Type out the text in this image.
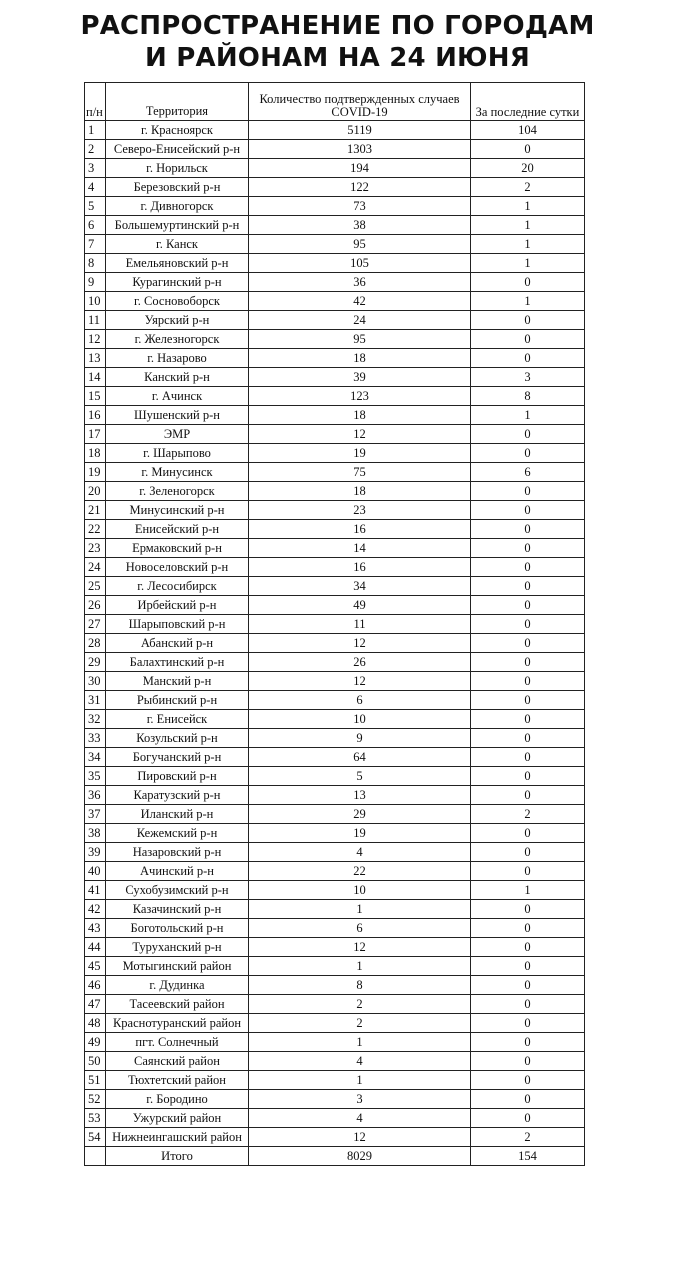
РАСПРОСТРАНЕНИЕ ПО ГОРОДАМ
И РАЙОНАМ НА 24 ИЮНЯ
п/н	Территория	Количество подтвержденных случаев COVID-19	За последние сутки
1	г. Красноярск	5119	104
2	Северо-Енисейский р-н	1303	0
3	г. Норильск	194	20
4	Березовский р-н	122	2
5	г. Дивногорск	73	1
6	Большемуртинский р-н	38	1
7	г. Канск	95	1
8	Емельяновский р-н	105	1
9	Курагинский р-н	36	0
10	г. Сосновоборск	42	1
11	Уярский р-н	24	0
12	г. Железногорск	95	0
13	г. Назарово	18	0
14	Канский р-н	39	3
15	г. Ачинск	123	8
16	Шушенский р-н	18	1
17	ЭМР	12	0
18	г. Шарыпово	19	0
19	г. Минусинск	75	6
20	г. Зеленогорск	18	0
21	Минусинский р-н	23	0
22	Енисейский р-н	16	0
23	Ермаковский р-н	14	0
24	Новоселовский р-н	16	0
25	г. Лесосибирск	34	0
26	Ирбейский р-н	49	0
27	Шарыповский р-н	11	0
28	Абанский р-н	12	0
29	Балахтинский р-н	26	0
30	Манский р-н	12	0
31	Рыбинский р-н	6	0
32	г. Енисейск	10	0
33	Козульский р-н	9	0
34	Богучанский р-н	64	0
35	Пировский р-н	5	0
36	Каратузский р-н	13	0
37	Иланский р-н	29	2
38	Кежемский р-н	19	0
39	Назаровский р-н	4	0
40	Ачинский р-н	22	0
41	Сухобузимский р-н	10	1
42	Казачинский р-н	1	0
43	Боготольский р-н	6	0
44	Туруханский р-н	12	0
45	Мотыгинский район	1	0
46	г. Дудинка	8	0
47	Тасеевский район	2	0
48	Краснотуранский район	2	0
49	пгт. Солнечный	1	0
50	Саянский район	4	0
51	Тюхтетский район	1	0
52	г. Бородино	3	0
53	Ужурский район	4	0
54	Нижнеингашский район	12	2
	Итого	8029	154
